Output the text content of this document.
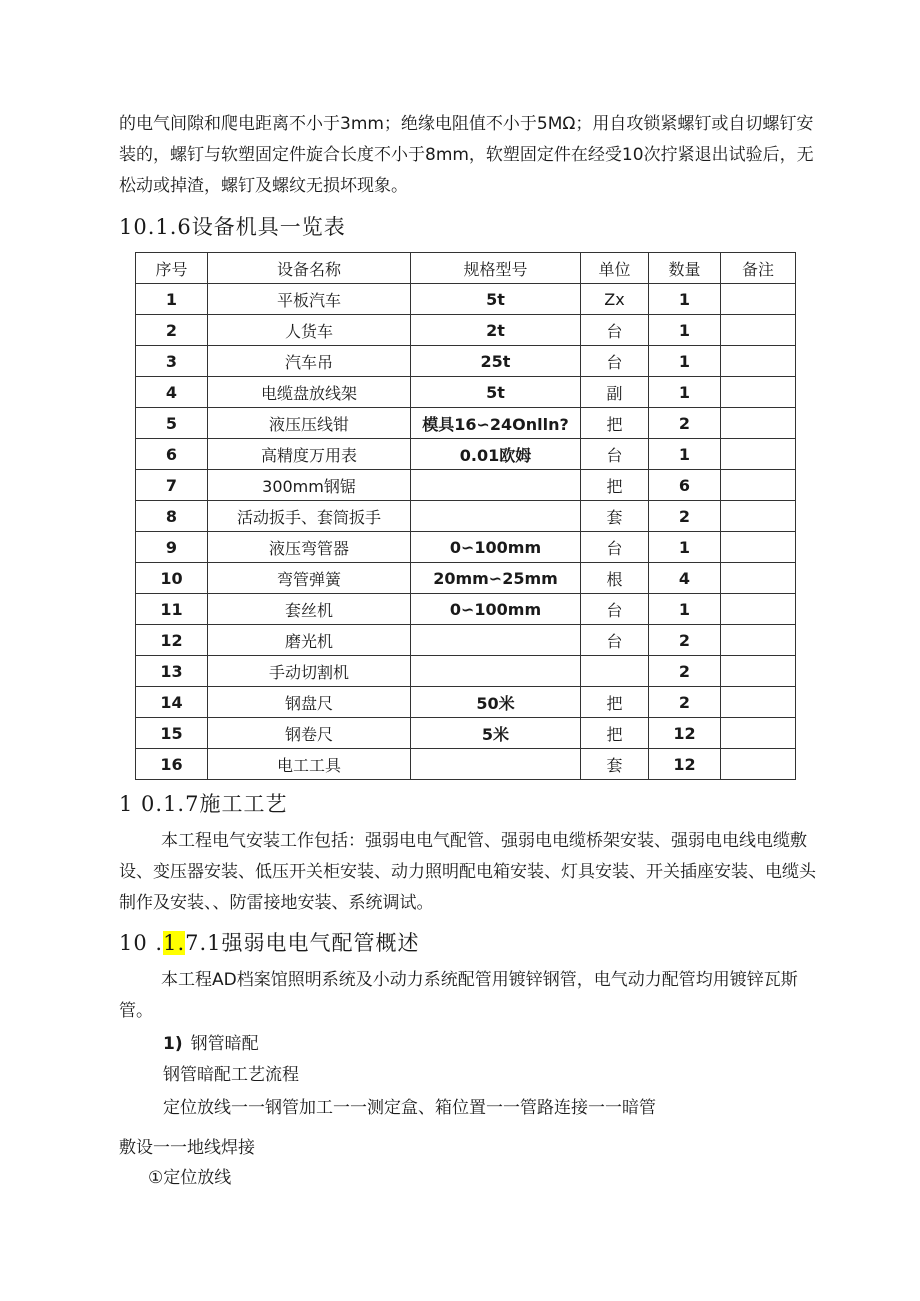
的电气间隙和爬电距离不小于3mm；绝缘电阻值不小于5MΩ；用自攻锁紧螺钉或自切螺钉安装的，螺钉与软塑固定件旋合长度不小于8mm，软塑固定件在经受10次拧紧退出试验后，无松动或掉渣，螺钉及螺纹无损坏现象。
10.1.6设备机具一览表
序号	设备名称	规格型号	单位	数量	备注
1	平板汽车	5t	Zx	1	
2	人货车	2t	台	1	
3	汽车吊	25t	台	1	
4	电缆盘放线架	5t	副	1	
5	液压压线钳	模具16∽24Onlln?	把	2	
6	高精度万用表	0.01欧姆	台	1	
7	300mm钢锯		把	6	
8	活动扳手、套筒扳手		套	2	
9	液压弯管器	0∽100mm	台	1	
10	弯管弹簧	20mm∽25mm	根	4	
11	套丝机	0∽100mm	台	1	
12	磨光机		台	2	
13	手动切割机			2	
14	钢盘尺	50米	把	2	
15	钢卷尺	5米	把	12	
16	电工工具		套	12	
1 0.1.7施工工艺
本工程电气安装工作包括：强弱电电气配管、强弱电电缆桥架安装、强弱电电线电缆敷设、变压器安装、低压开关柜安装、动力照明配电箱安装、灯具安装、开关插座安装、电缆头制作及安装、、防雷接地安装、系统调试。
10 .1.7.1强弱电电气配管概述
本工程AD档案馆照明系统及小动力系统配管用镀锌钢管，电气动力配管均用镀锌瓦斯管。
1) 钢管暗配
钢管暗配工艺流程
定位放线一一钢管加工一一测定盒、箱位置一一管路连接一一暗管
敷设一一地线焊接
①定位放线
